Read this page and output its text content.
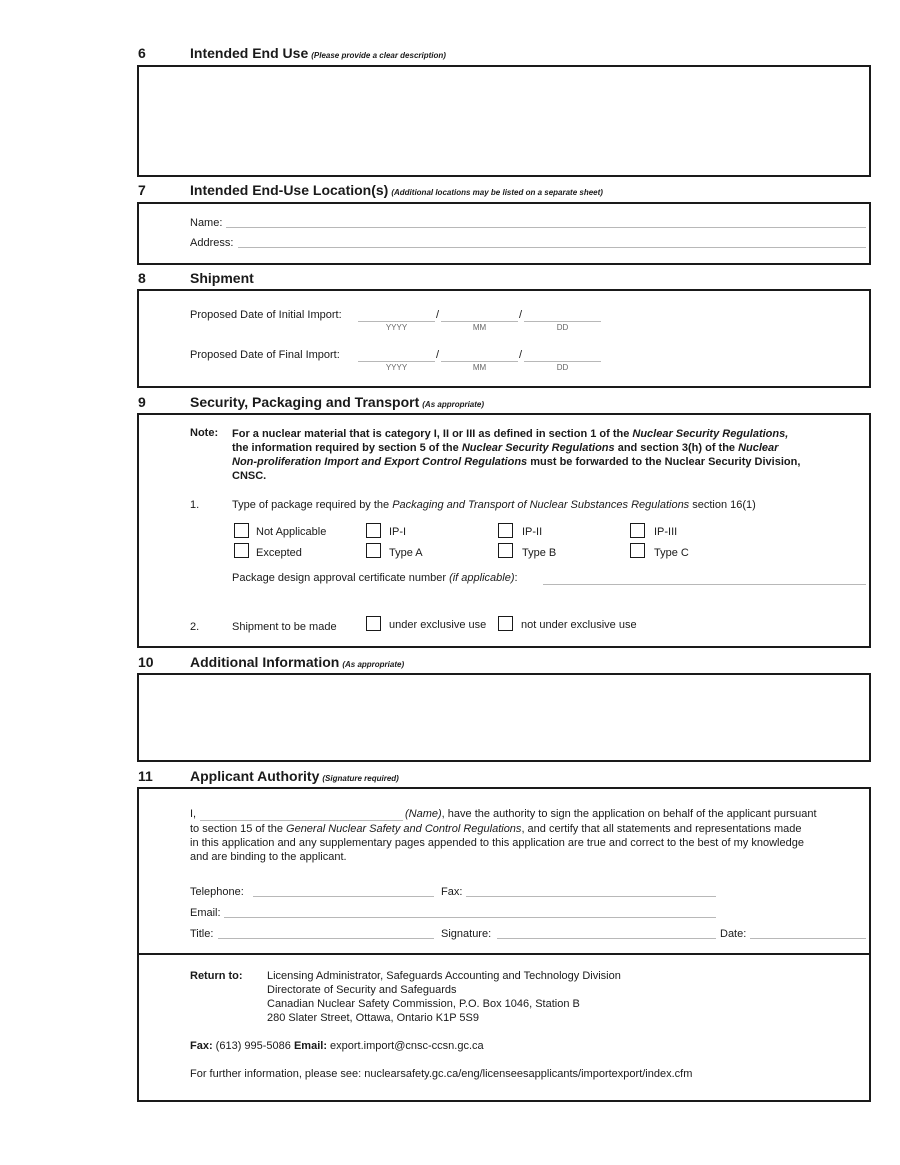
6	Intended End Use (Please provide a clear description)
7	Intended End-Use Location(s) (Additional locations may be listed on a separate sheet)
Name:
Address:
8	Shipment
Proposed Date of Initial Import:	/	/
YYYY	MM	DD
Proposed Date of Final Import:	/	/
YYYY	MM	DD
9	Security, Packaging and Transport (As appropriate)
Note: For a nuclear material that is category I, II or III as defined in section 1 of the Nuclear Security Regulations,
the information required by section 5 of the Nuclear Security Regulations and section 3(h) of the Nuclear
Non-proliferation Import and Export Control Regulations must be forwarded to the Nuclear Security Division,
CNSC.
1.	Type of package required by the Packaging and Transport of Nuclear Substances Regulations section 16(1)
Not Applicable	IP-I	IP-II	IP-III
Excepted	Type A	Type B	Type C
Package design approval certificate number (if applicable):
2.	Shipment to be made	under exclusive use	not under exclusive use
10	Additional Information (As appropriate)
11	Applicant Authority (Signature required)
I,	(Name), have the authority to sign the application on behalf of the applicant pursuant
to section 15 of the General Nuclear Safety and Control Regulations, and certify that all statements and representations made
in this application and any supplementary pages appended to this application are true and correct to the best of my knowledge
and are binding to the applicant.
Telephone:	Fax:
Email:
Title:	Signature:	Date:
Return to: Licensing Administrator, Safeguards Accounting and Technology Division
Directorate of Security and Safeguards
Canadian Nuclear Safety Commission, P.O. Box 1046, Station B
280 Slater Street, Ottawa, Ontario K1P 5S9
Fax: (613) 995-5086 Email: export.import@cnsc-ccsn.gc.ca
For further information, please see: nuclearsafety.gc.ca/eng/licenseesapplicants/importexport/index.cfm
